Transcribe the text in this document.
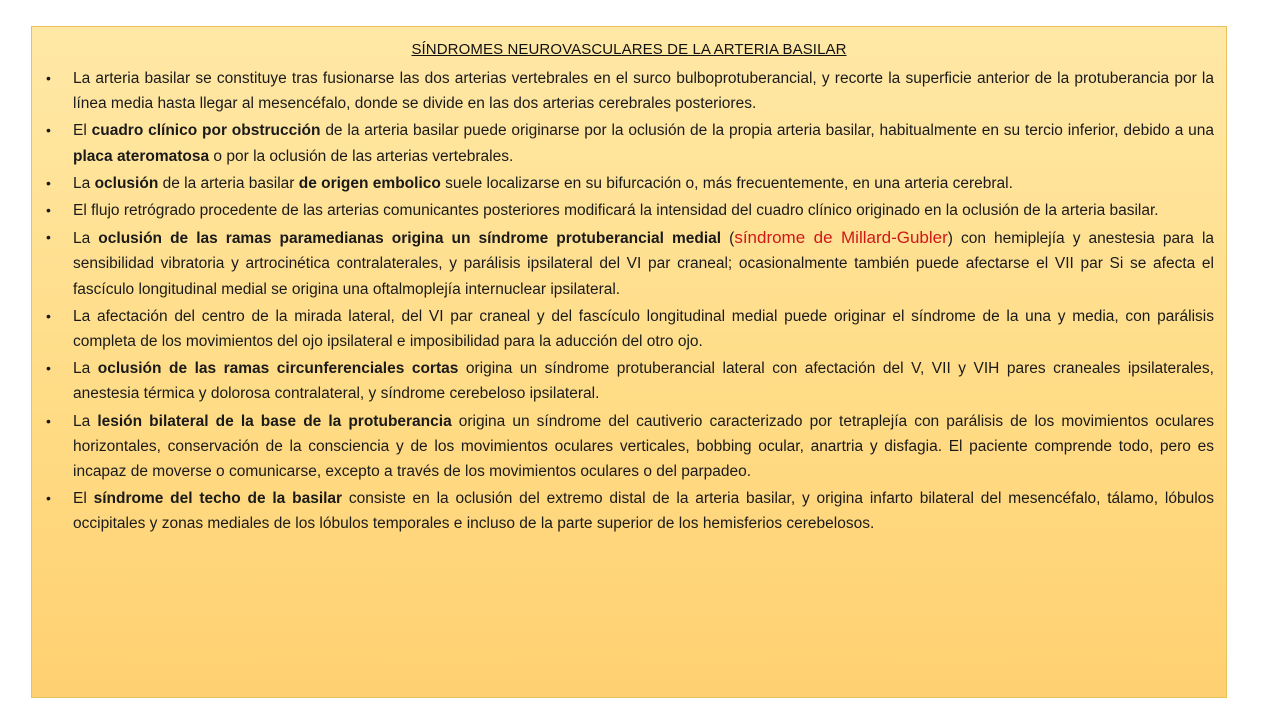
SÍNDROMES NEUROVASCULARES DE LA ARTERIA BASILAR
• La arteria basilar se constituye tras fusionarse las dos arterias vertebrales en el surco bulboprotuberancial, y recorte la superficie anterior de la protuberancia por la línea media hasta llegar al mesencéfalo, donde se divide en las dos arterias cerebrales posteriores.
• El cuadro clínico por obstrucción de la arteria basilar puede originarse por la oclusión de la propia arteria basilar, habitualmente en su tercio inferior, debido a una placa ateromatosa o por la oclusión de las arterias vertebrales.
• La oclusión de la arteria basilar de origen embolico suele localizarse en su bifurcación o, más frecuentemente, en una arteria cerebral.
• El flujo retrógrado procedente de las arterias comunicantes posteriores modificará la intensidad del cuadro clínico originado en la oclusión de la arteria basilar.
• La oclusión de las ramas paramedianas origina un síndrome protuberancial medial (síndrome de Millard-Gubler) con hemiplejía y anestesia para la sensibilidad vibratoria y artrocinética contralaterales, y parálisis ipsilateral del VI par craneal; ocasionalmente también puede afectarse el VII par Si se afecta el fascículo longitudinal medial se origina una oftalmoplejía internuclear ipsilateral.
• La afectación del centro de la mirada lateral, del VI par craneal y del fascículo longitudinal medial puede originar el síndrome de la una y media, con parálisis completa de los movimientos del ojo ipsilateral e imposibilidad para la aducción del otro ojo.
• La oclusión de las ramas circunferenciales cortas origina un síndrome protuberancial lateral con afectación del V, VII y VIH pares craneales ipsilaterales, anestesia térmica y dolorosa contralateral, y síndrome cerebeloso ipsilateral.
• La lesión bilateral de la base de la protuberancia origina un síndrome del cautiverio caracterizado por tetraplejía con parálisis de los movimientos oculares horizontales, conservación de la consciencia y de los movimientos oculares verticales, bobbing ocular, anartria y disfagia. El paciente comprende todo, pero es incapaz de moverse o comunicarse, excepto a través de los movimientos oculares o del parpadeo.
• El síndrome del techo de la basilar consiste en la oclusión del extremo distal de la arteria basilar, y origina infarto bilateral del mesencéfalo, tálamo, lóbulos occipitales y zonas mediales de los lóbulos temporales e incluso de la parte superior de los hemisferios cerebelosos.
